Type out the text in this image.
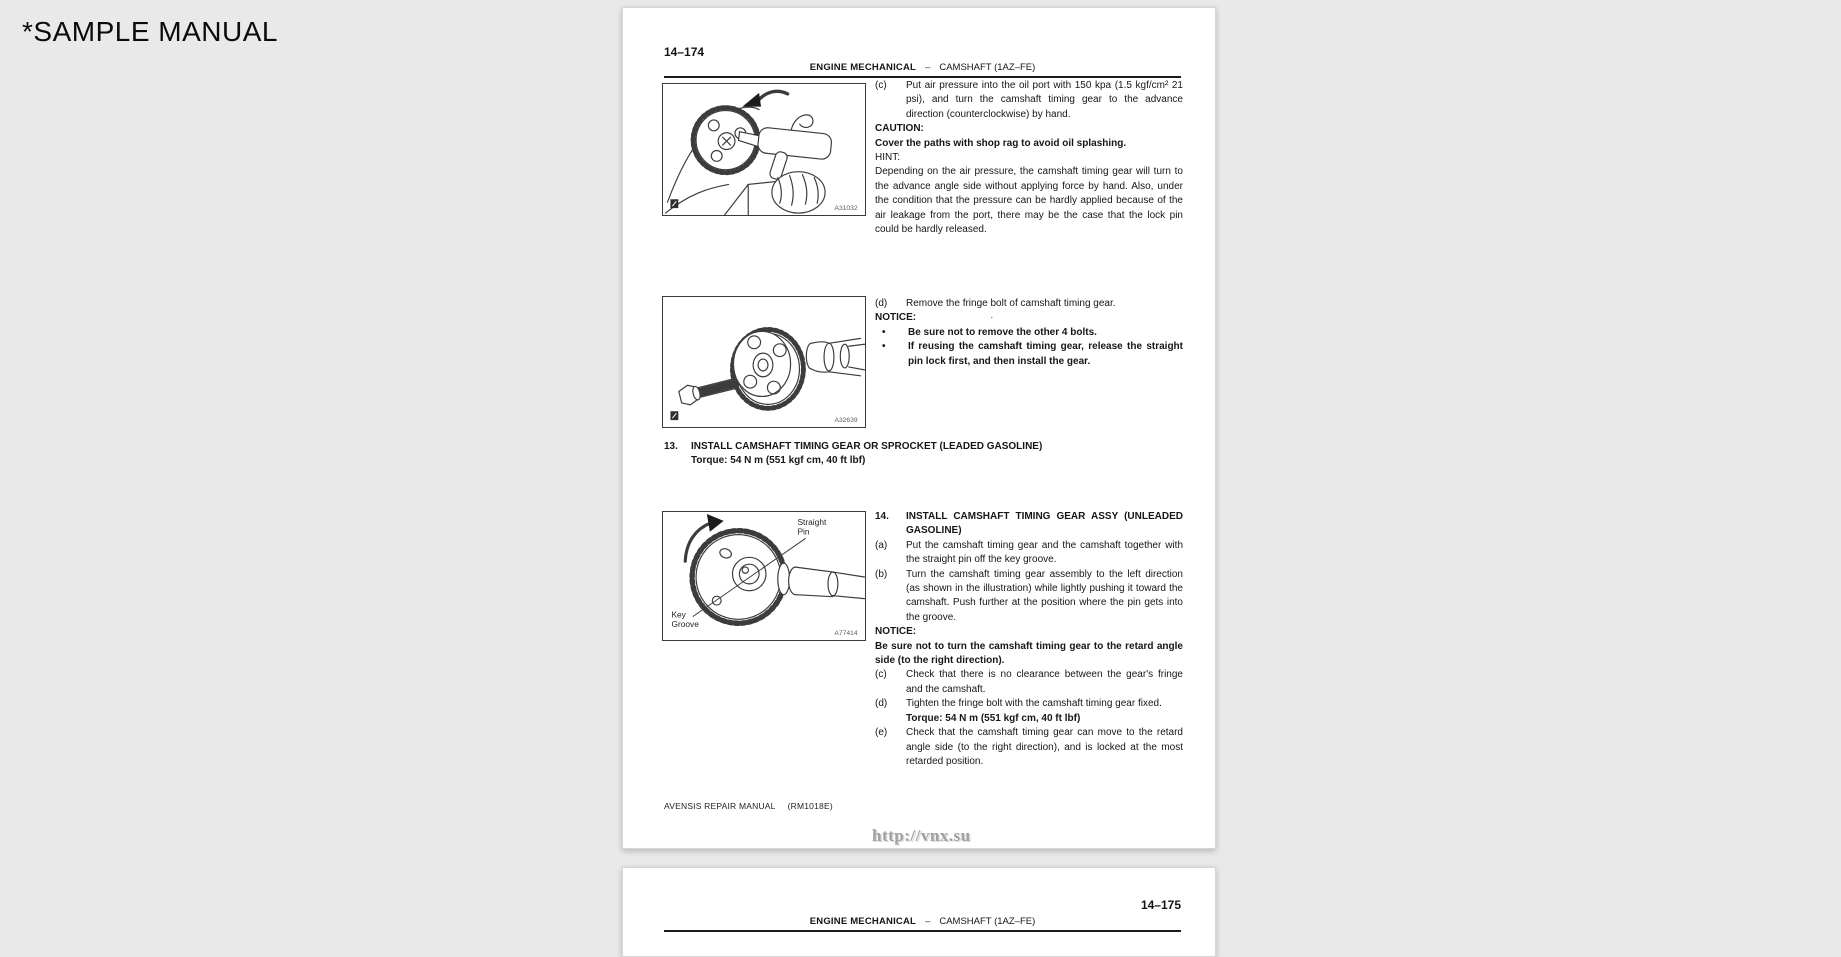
*SAMPLE MANUAL
14–174
ENGINE MECHANICAL – CAMSHAFT (1AZ–FE)
A31032
(c)	Put air pressure into the oil port with 150 kpa (1.5 kgf/cm² 21 psi), and turn the camshaft timing gear to the advance direction (counterclockwise) by hand.
CAUTION:
Cover the paths with shop rag to avoid oil splashing.
HINT:
Depending on the air pressure, the camshaft timing gear will turn to the advance angle side without applying force by hand. Also, under the condition that the pressure can be hardly applied because of the air leakage from the port, there may be the case that the lock pin could be hardly released.
A32639
(d)	Remove the fringe bolt of camshaft timing gear.
NOTICE:	·
•	Be sure not to remove the other 4 bolts.
•	If reusing the camshaft timing gear, release the straight pin lock first, and then install the gear.
13.	INSTALL CAMSHAFT TIMING GEAR OR SPROCKET (LEADED GASOLINE)
Torque: 54 N m (551 kgf cm, 40 ft lbf)
Straight
Pin
Key
Groove
A77414
14.	INSTALL CAMSHAFT TIMING GEAR ASSY (UNLEADED GASOLINE)
(a)	Put the camshaft timing gear and the camshaft together with the straight pin off the key groove.
(b)	Turn the camshaft timing gear assembly to the left direction (as shown in the illustration) while lightly pushing it toward the camshaft. Push further at the position where the pin gets into the groove.
NOTICE:
Be sure not to turn the camshaft timing gear to the retard angle side (to the right direction).
(c)	Check that there is no clearance between the gear's fringe and the camshaft.
(d)	Tighten the fringe bolt with the camshaft timing gear fixed.
Torque: 54 N m (551 kgf cm, 40 ft lbf)
(e)	Check that the camshaft timing gear can move to the retard angle side (to the right direction), and is locked at the most retarded position.
AVENSIS REPAIR MANUAL (RM1018E)
http://vnx.su
14–175
ENGINE MECHANICAL – CAMSHAFT (1AZ–FE)
